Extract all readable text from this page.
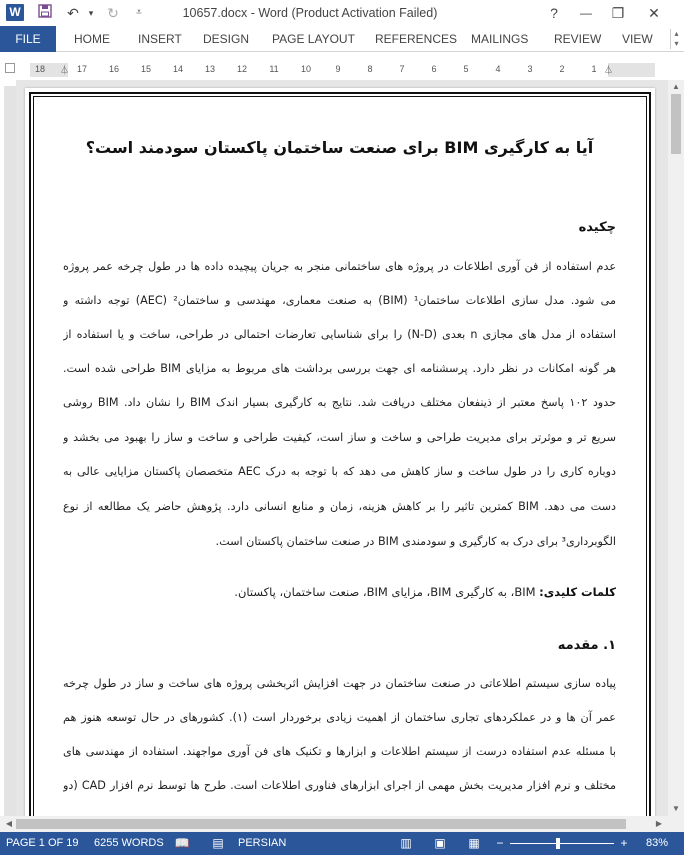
W	↶	▾ ↻	⩡	10657.docx - Word (Product Activation Failed)	?	—	❐	✕
FILE	HOME INSERT DESIGN PAGE LAYOUT REFERENCES MAILINGS REVIEW VIEW	▴
▾
18	⏃ 17	16	15	14	13	12	11	10	9	8	7	6	5	4	3	2	1 ⏃
آیا به کارگیری BIM برای صنعت ساختمان پاکستان سودمند است؟
چکیده
عدم استفاده از فن آوری اطلاعات در پروژه های ساختمانی منجر به جریان پیچیده داده ها در طول چرخه عمر پروژه
می شود. مدل سازی اطلاعات ساختمان¹ (BIM) به صنعت معماری، مهندسی و ساختمان² (AEC) توجه داشته و
استفاده از مدل های مجازی n بعدی (N-D) را برای شناسایی تعارضات احتمالی در طراحی، ساخت و یا استفاده از
هر گونه امکانات در نظر دارد. پرسشنامه ای جهت بررسی برداشت های مربوط به مزایای BIM طراحی شده است.
حدود ۱۰۲ پاسخ معتبر از ذینفعان مختلف دریافت شد. نتایج به کارگیری بسیار اندک BIM را نشان داد. BIM روشی
سریع تر و موثرتر برای مدیریت طراحی و ساخت و ساز است، کیفیت طراحی و ساخت و ساز را بهبود می بخشد و
دوباره کاری را در طول ساخت و ساز کاهش می دهد که با توجه به درک AEC متخصصان پاکستان مزایایی عالی به
دست می دهد. BIM کمترین تاثیر را بر کاهش هزینه، زمان و منابع انسانی دارد. پژوهش حاضر یک مطالعه از نوع
الگوبرداری³ برای درک به کارگیری و سودمندی BIM در صنعت ساختمان پاکستان است.
کلمات کلیدی: BIM، به کارگیری BIM، مزایای BIM، صنعت ساختمان، پاکستان.
۱. مقدمه
پیاده سازی سیستم اطلاعاتی در صنعت ساختمان در جهت افزایش اثربخشی پروژه های ساخت و ساز در طول چرخه
عمر آن ها و در عملکردهای تجاری ساختمان از اهمیت زیادی برخوردار است (۱). کشورهای در حال توسعه هنوز هم
با مسئله عدم استفاده درست از سیستم اطلاعات و ابزارها و تکنیک های فن آوری مواجهند. استفاده از مهندسی های
مختلف و نرم افزار مدیریت بخش مهمی از اجرای ابزارهای فناوری اطلاعات است. طرح ها توسط نرم افزار CAD (دو
▲
▼
◀	▶
PAGE 1 OF 19 6255 WORDS 📖 ▤ PERSIAN	▥ ▣ ▦	−	+	83%
